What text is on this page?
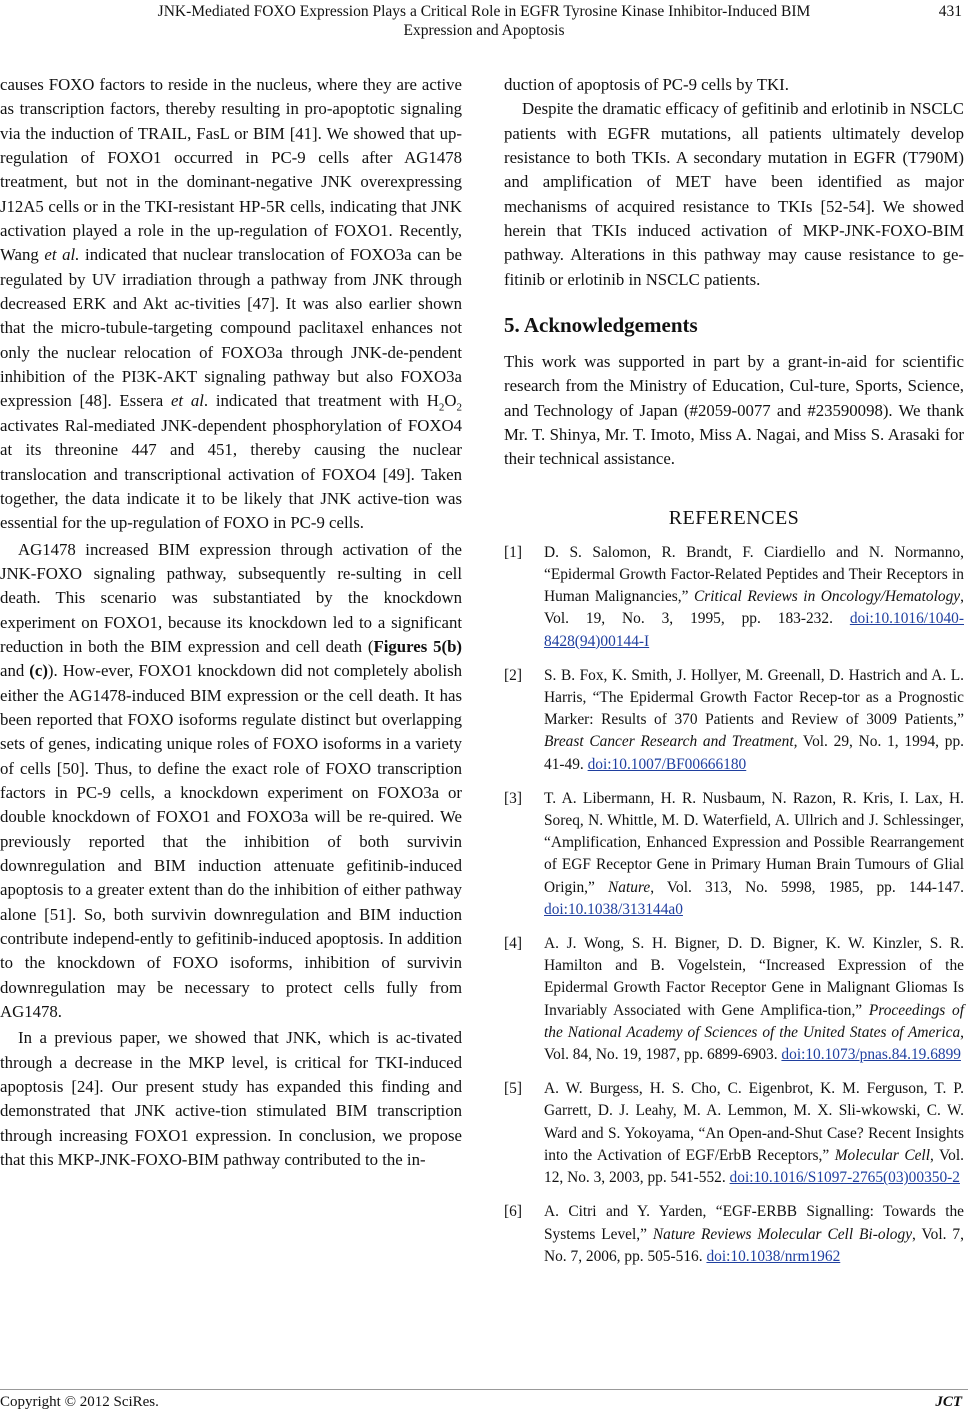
JNK-Mediated FOXO Expression Plays a Critical Role in EGFR Tyrosine Kinase Inhibitor-Induced BIM
Expression and Apoptosis
431

causes FOXO factors to reside in the nucleus, where they are active as transcription factors, thereby resulting in pro-apoptotic signaling via the induction of TRAIL, FasL or BIM [41]. We showed that up-regulation of FOXO1 occurred in PC-9 cells after AG1478 treatment, but not in the dominant-negative JNK overexpressing J12A5 cells or in the TKI-resistant HP-5R cells, indicating that JNK activation played a role in the up-regulation of FOXO1. Recently, Wang et al. indicated that nuclear translocation of FOXO3a can be regulated by UV irradiation through a pathway from JNK through decreased ERK and Akt ac-tivities [47]. It was also earlier shown that the micro-tubule-targeting compound paclitaxel enhances not only the nuclear relocation of FOXO3a through JNK-de-pendent inhibition of the PI3K-AKT signaling pathway but also FOXO3a expression [48]. Essera et al. indicated that treatment with $H_2O_2$ activates Ral-mediated JNK-dependent phosphorylation of FOXO4 at its threonine 447 and 451, thereby causing the nuclear translocation and transcriptional activation of FOXO4 [49]. Taken together, the data indicate it to be likely that JNK active-tion was essential for the up-regulation of FOXO in PC-9 cells.

AG1478 increased BIM expression through activation of the JNK-FOXO signaling pathway, subsequently re-sulting in cell death. This scenario was substantiated by the knockdown experiment on FOXO1, because its knockdown led to a significant reduction in both the BIM expression and cell death (Figures 5(b) and (c)). How-ever, FOXO1 knockdown did not completely abolish either the AG1478-induced BIM expression or the cell death. It has been reported that FOXO isoforms regulate distinct but overlapping sets of genes, indicating unique roles of FOXO isoforms in a variety of cells [50]. Thus, to define the exact role of FOXO transcription factors in PC-9 cells, a knockdown experiment on FOXO3a or double knockdown of FOXO1 and FOXO3a will be re-quired. We previously reported that the inhibition of both survivin downregulation and BIM induction attenuate gefitinib-induced apoptosis to a greater extent than do the inhibition of either pathway alone [51]. So, both survivin downregulation and BIM induction contribute independ-ently to gefitinib-induced apoptosis. In addition to the knockdown of FOXO isoforms, inhibition of survivin downregulation may be necessary to protect cells fully from AG1478.

In a previous paper, we showed that JNK, which is ac-tivated through a decrease in the MKP level, is critical for TKI-induced apoptosis [24]. Our present study has expanded this finding and demonstrated that JNK active-tion stimulated BIM transcription through increasing FOXO1 expression. In conclusion, we propose that this MKP-JNK-FOXO-BIM pathway contributed to the in-

duction of apoptosis of PC-9 cells by TKI.

Despite the dramatic efficacy of gefitinib and erlotinib in NSCLC patients with EGFR mutations, all patients ultimately develop resistance to both TKIs. A secondary mutation in EGFR (T790M) and amplification of MET have been identified as major mechanisms of acquired resistance to TKIs [52-54]. We showed herein that TKIs induced activation of MKP-JNK-FOXO-BIM pathway. Alterations in this pathway may cause resistance to ge-fitinib or erlotinib in NSCLC patients.

5. Acknowledgements

This work was supported in part by a grant-in-aid for scientific research from the Ministry of Education, Cul-ture, Sports, Science, and Technology of Japan (#2059-0077 and #23590098). We thank Mr. T. Shinya, Mr. T. Imoto, Miss A. Nagai, and Miss S. Arasaki for their technical assistance.

REFERENCES
[1]	D. S. Salomon, R. Brandt, F. Ciardiello and N. Normanno, “Epidermal Growth Factor-Related Peptides and Their Receptors in Human Malignancies,” Critical Reviews in Oncology/Hematology, Vol. 19, No. 3, 1995, pp. 183-232. doi:10.1016/1040-8428(94)00144-I
[2]	S. B. Fox, K. Smith, J. Hollyer, M. Greenall, D. Hastrich and A. L. Harris, “The Epidermal Growth Factor Recep-tor as a Prognostic Marker: Results of 370 Patients and Review of 3009 Patients,” Breast Cancer Research and Treatment, Vol. 29, No. 1, 1994, pp. 41-49. doi:10.1007/BF00666180
[3]	T. A. Libermann, H. R. Nusbaum, N. Razon, R. Kris, I. Lax, H. Soreq, N. Whittle, M. D. Waterfield, A. Ullrich and J. Schlessinger, “Amplification, Enhanced Expression and Possible Rearrangement of EGF Receptor Gene in Primary Human Brain Tumours of Glial Origin,” Nature, Vol. 313, No. 5998, 1985, pp. 144-147. doi:10.1038/313144a0
[4]	A. J. Wong, S. H. Bigner, D. D. Bigner, K. W. Kinzler, S. R. Hamilton and B. Vogelstein, “Increased Expression of the Epidermal Growth Factor Receptor Gene in Malignant Gliomas Is Invariably Associated with Gene Amplifica-tion,” Proceedings of the National Academy of Sciences of the United States of America, Vol. 84, No. 19, 1987, pp. 6899-6903. doi:10.1073/pnas.84.19.6899
[5]	A. W. Burgess, H. S. Cho, C. Eigenbrot, K. M. Ferguson, T. P. Garrett, D. J. Leahy, M. A. Lemmon, M. X. Sli-wkowski, C. W. Ward and S. Yokoyama, “An Open-and-Shut Case? Recent Insights into the Activation of EGF/ErbB Receptors,” Molecular Cell, Vol. 12, No. 3, 2003, pp. 541-552. doi:10.1016/S1097-2765(03)00350-2
[6]	A. Citri and Y. Yarden, “EGF-ERBB Signalling: Towards the Systems Level,” Nature Reviews Molecular Cell Bi-ology, Vol. 7, No. 7, 2006, pp. 505-516. doi:10.1038/nrm1962
Copyright © 2012 SciRes.	JCT
